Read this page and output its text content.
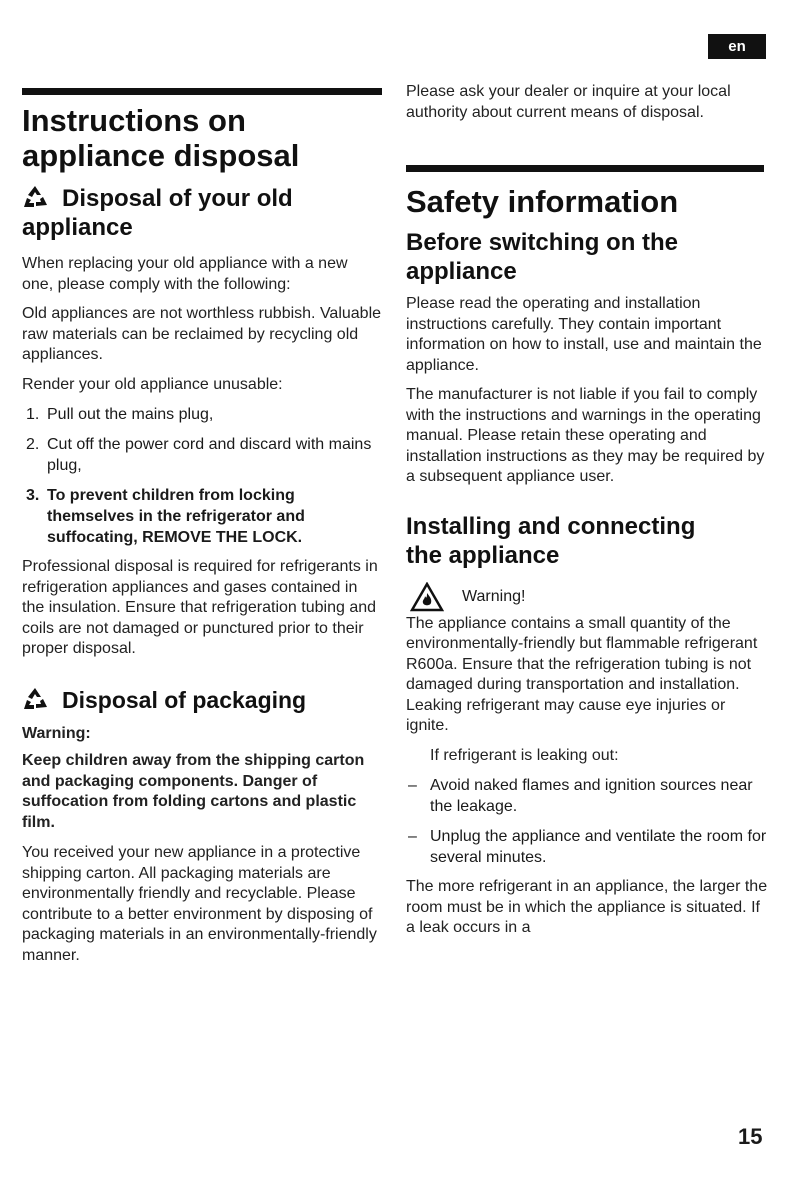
en
Instructions on
appliance disposal
Disposal of your old
appliance

When replacing your old appliance with a new one, please comply with the following:

Old appliances are not worthless rubbish. Valuable raw materials can be reclaimed by recycling old appliances.

Render your old appliance unusable:

1. Pull out the mains plug,
2. Cut off the power cord and discard with mains plug,
3. To prevent children from locking themselves in the refrigerator and suffocating, REMOVE THE LOCK.

Professional disposal is required for refrigerants in refrigeration appliances and gases contained in the insulation. Ensure that refrigeration tubing and coils are not damaged or punctured prior to their proper disposal.

Disposal of packaging

Warning:

Keep children away from the shipping carton and packaging components. Danger of suffocation from folding cartons and plastic film.

You received your new appliance in a protective shipping carton. All packaging materials are environmentally friendly and recyclable. Please contribute to a better environment by disposing of packaging materials in an environmentally-friendly manner.

Please ask your dealer or inquire at your local authority about current means of disposal.

Safety information
Before switching on the
appliance

Please read the operating and installation instructions carefully. They contain important information on how to install, use and maintain the appliance.

The manufacturer is not liable if you fail to comply with the instructions and warnings in the operating manual. Please retain these operating and installation instructions as they may be required by a subsequent appliance user.

Installing and connecting
the appliance
Warning!

The appliance contains a small quantity of the environmentally-friendly but flammable refrigerant R600a. Ensure that the refrigeration tubing is not damaged during transportation and installation. Leaking refrigerant may cause eye injuries or ignite.

If refrigerant is leaking out:

– Avoid naked flames and ignition sources near the leakage.
– Unplug the appliance and ventilate the room for several minutes.

The more refrigerant in an appliance, the larger the room must be in which the appliance is situated. If a leak occurs in a

15
